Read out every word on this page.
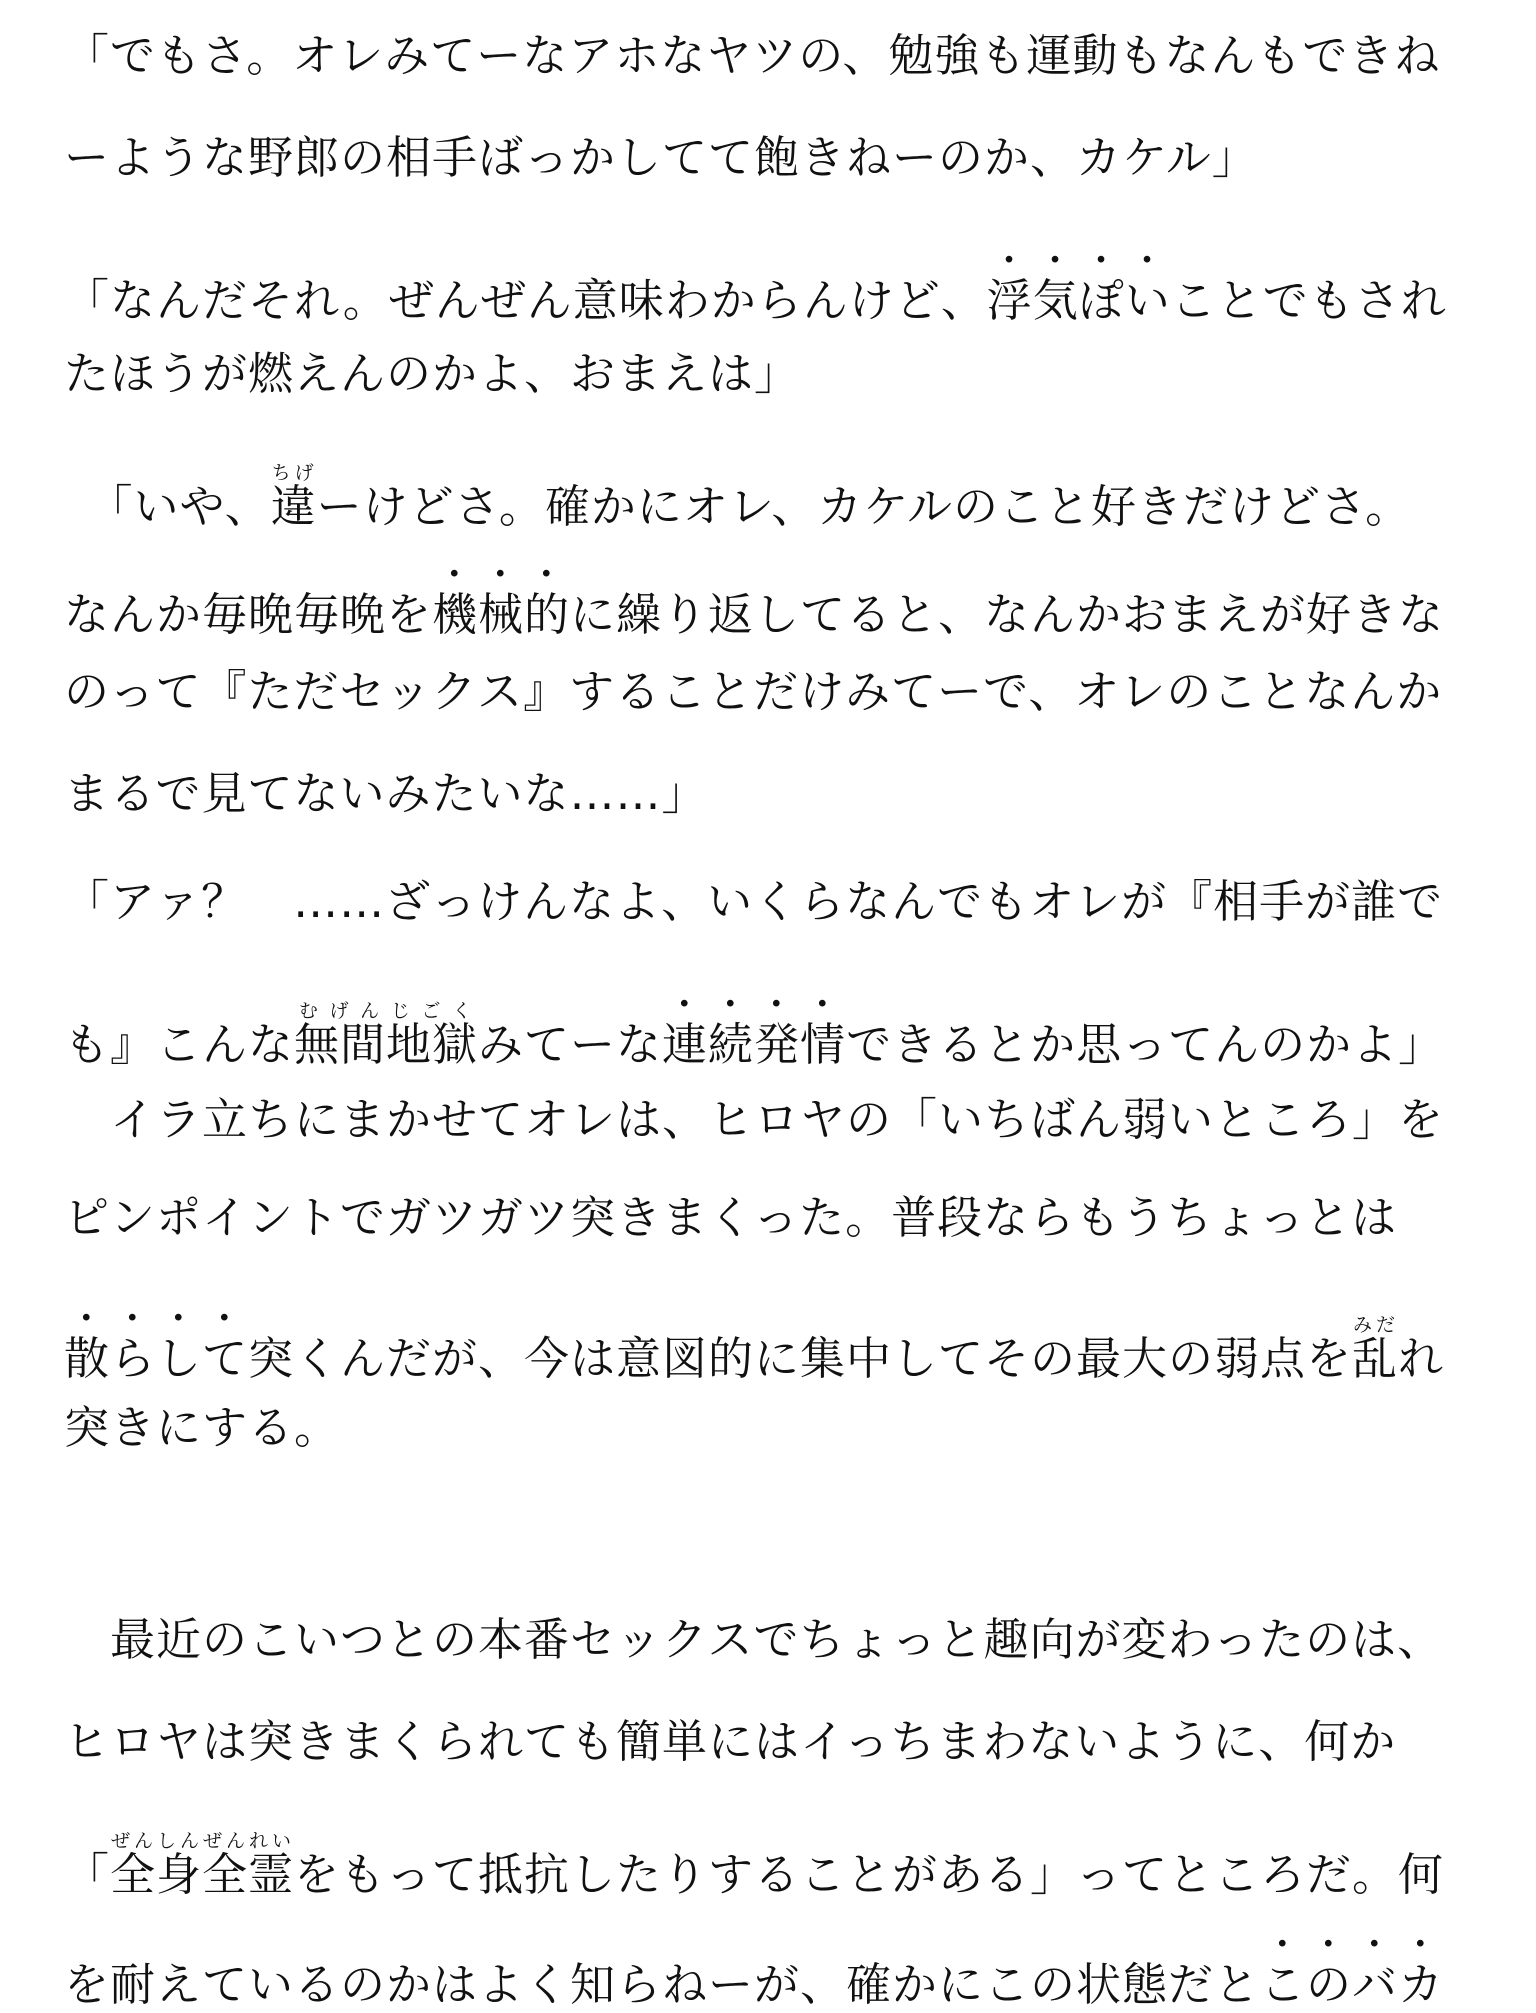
「でもさ。オレみてーなアホなヤツの、勉強も運動もなんもできね
ーような野郎の相手ばっかしてて飽きねーのか、カケル」
「なんだそれ。ぜんぜん意味わからんけど、浮気ぽいことでもされ
たほうが燃えんのかよ、おまえは」
　「いや、違ちげーけどさ。確かにオレ、カケルのこと好きだけどさ。
なんか毎晩毎晩を機械的に繰り返してると、なんかおまえが好きな
のって『ただセックス』することだけみてーで、オレのことなんか
まるで見てないみたいな……」
「アァ？　……ざっけんなよ、いくらなんでもオレが『相手が誰で
も』こんな無間地獄むげんじごくみてーな連続発情できるとか思ってんのかよ」
　イラ立ちにまかせてオレは、ヒロヤの「いちばん弱いところ」を
ピンポイントでガツガツ突きまくった。普段ならもうちょっとは
散らして突くんだが、今は意図的に集中してその最大の弱点を乱みだれ
突きにする。
　最近のこいつとの本番セックスでちょっと趣向が変わったのは、
ヒロヤは突きまくられても簡単にはイっちまわないように、何か
「全身全霊ぜんしんぜんれいをもって抵抗したりすることがある」ってところだ。何
を耐えているのかはよく知らねーが、確かにこの状態だとこのバカ
